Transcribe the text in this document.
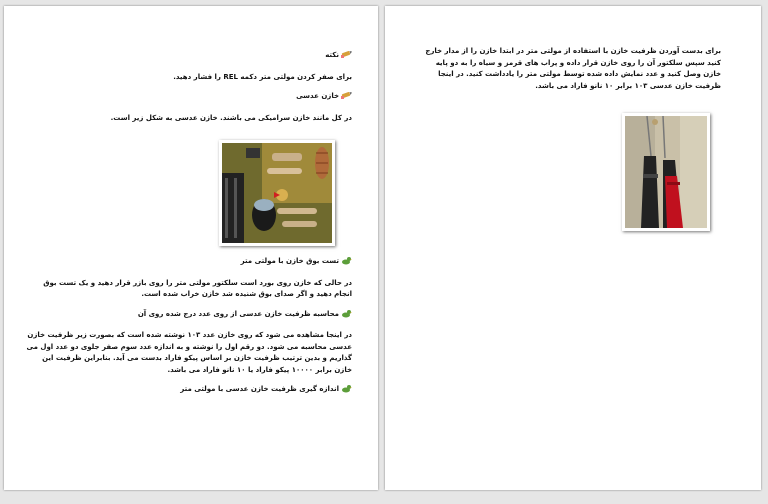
نکته

برای صفر کردن مولتی متر دکمه REL را فشار دهید.

خازن عدسی

در کل مانند خازن سرامیکی می باشند. خازن عدسی به شکل زیر است.

تست بوق خازن با مولتی متر

در حالی که خازن روی بورد است سلکتور مولتی متر را روی بازر قرار دهید و یک تست بوق انجام دهید و اگر صدای بوق شنیده شد خازن خراب شده است.

محاسبه ظرفیت خازن عدسی از روی عدد درج شده روی آن

در اینجا مشاهده می شود که روی خازن عدد ۱۰۳ نوشته شده است که بصورت زیر ظرفیت خازن عدسی محاسبه می شود. دو رقم اول را نوشته و به اندازه عدد سوم صفر جلوی دو عدد اول می گذاریم و بدین ترتیب ظرفیت خازن بر اساس پیکو فاراد بدست می آید. بنابراین ظرفیت این خازن برابر ۱۰۰۰۰ پیکو فاراد یا ۱۰ نانو فاراد می باشد.

اندازه گیری ظرفیت خازن عدسی با مولتی متر

برای بدست آوردن ظرفیت خازن با استفاده از مولتی متر در ابتدا خازن را از مدار خارج کنید سپس سلکتور آن را روی خازن قرار داده و پراب های قرمز و سیاه را به دو پایه خازن وصل کنید و عدد نمایش داده شده توسط مولتی متر را یادداشت کنید. در اینجا ظرفیت خازن عدسی ۱۰۳ برابر ۱۰ نانو فاراد می باشد.
